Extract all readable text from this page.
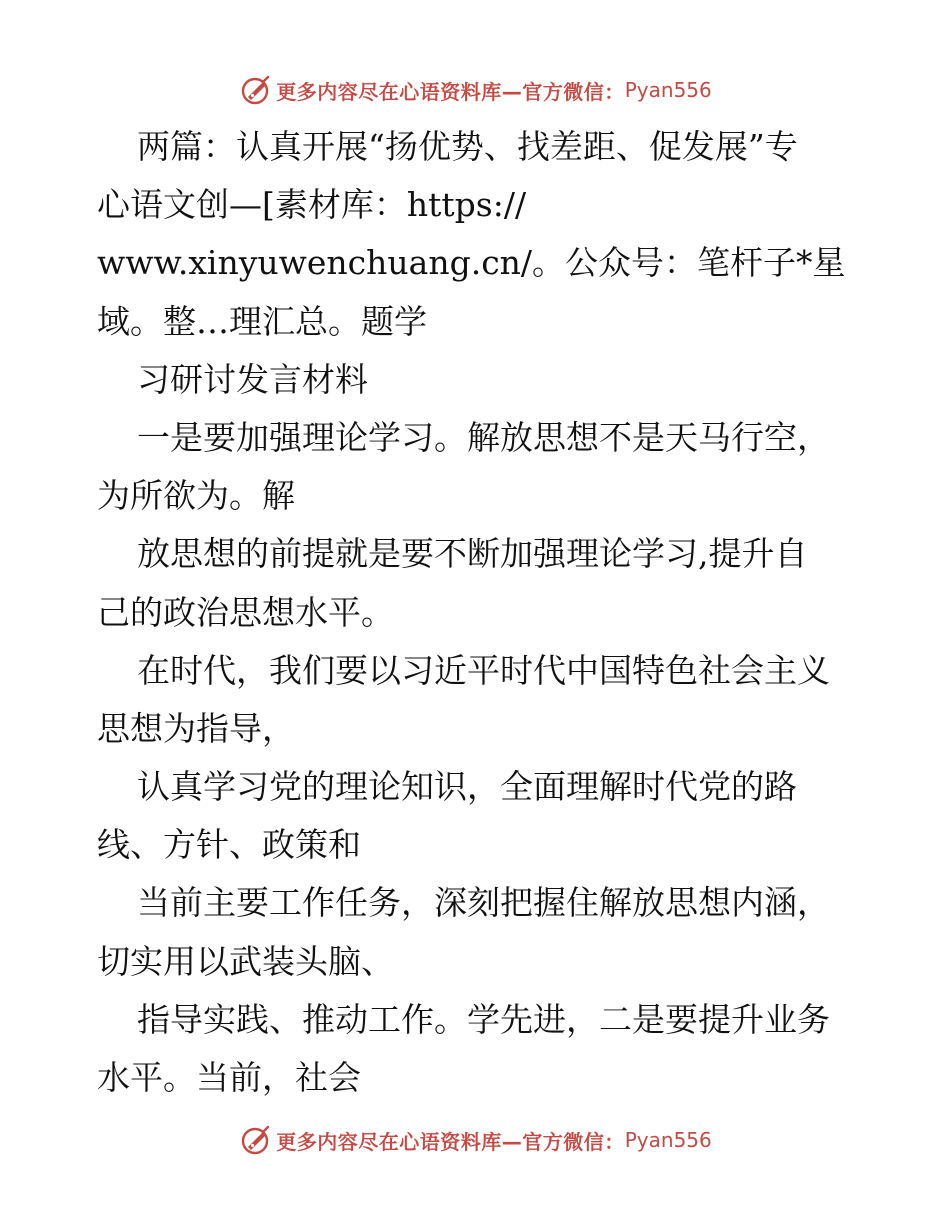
更多内容尽在心语资料库—官方微信： Pyan556
两篇：认真开展“扬优势、找差距、促发展”专
心语文创—[素材库：https://
www.xinyuwenchuang.cn/。公众号：笔杆子*星
域。整…理汇总。题学
习研讨发言材料
一是要加强理论学习。解放思想不是天马行空，
为所欲为。解
放思想的前提就是要不断加强理论学习,提升自
己的政治思想水平。
在时代，我们要以习近平时代中国特色社会主义
思想为指导，
认真学习党的理论知识，全面理解时代党的路
线、方针、政策和
当前主要工作任务，深刻把握住解放思想内涵，
切实用以武装头脑、
指导实践、推动工作。学先进，二是要提升业务
水平。当前，社会
更多内容尽在心语资料库—官方微信： Pyan556
